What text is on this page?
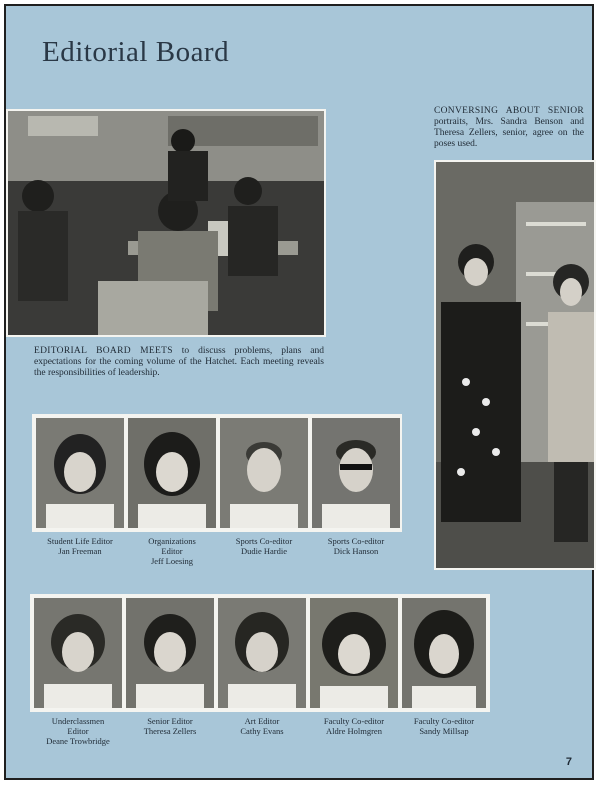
Editorial Board
EDITORIAL BOARD MEETS to discuss problems, plans and expectations for the coming volume of the Hatchet. Each meeting reveals the responsibilities of leadership.
CONVERSING ABOUT SENIOR portraits, Mrs. Sandra Benson and Theresa Zellers, senior, agree on the poses used.
Student Life Editor
Jan Freeman
Organizations Editor
Jeff Loesing
Sports Co-editor
Dudie Hardie
Sports Co-editor
Dick Hanson
Underclassmen Editor
Deane Trowbridge
Senior Editor
Theresa Zellers
Art Editor
Cathy Evans
Faculty Co-editor
Aldre Holmgren
Faculty Co-editor
Sandy Millsap
7
